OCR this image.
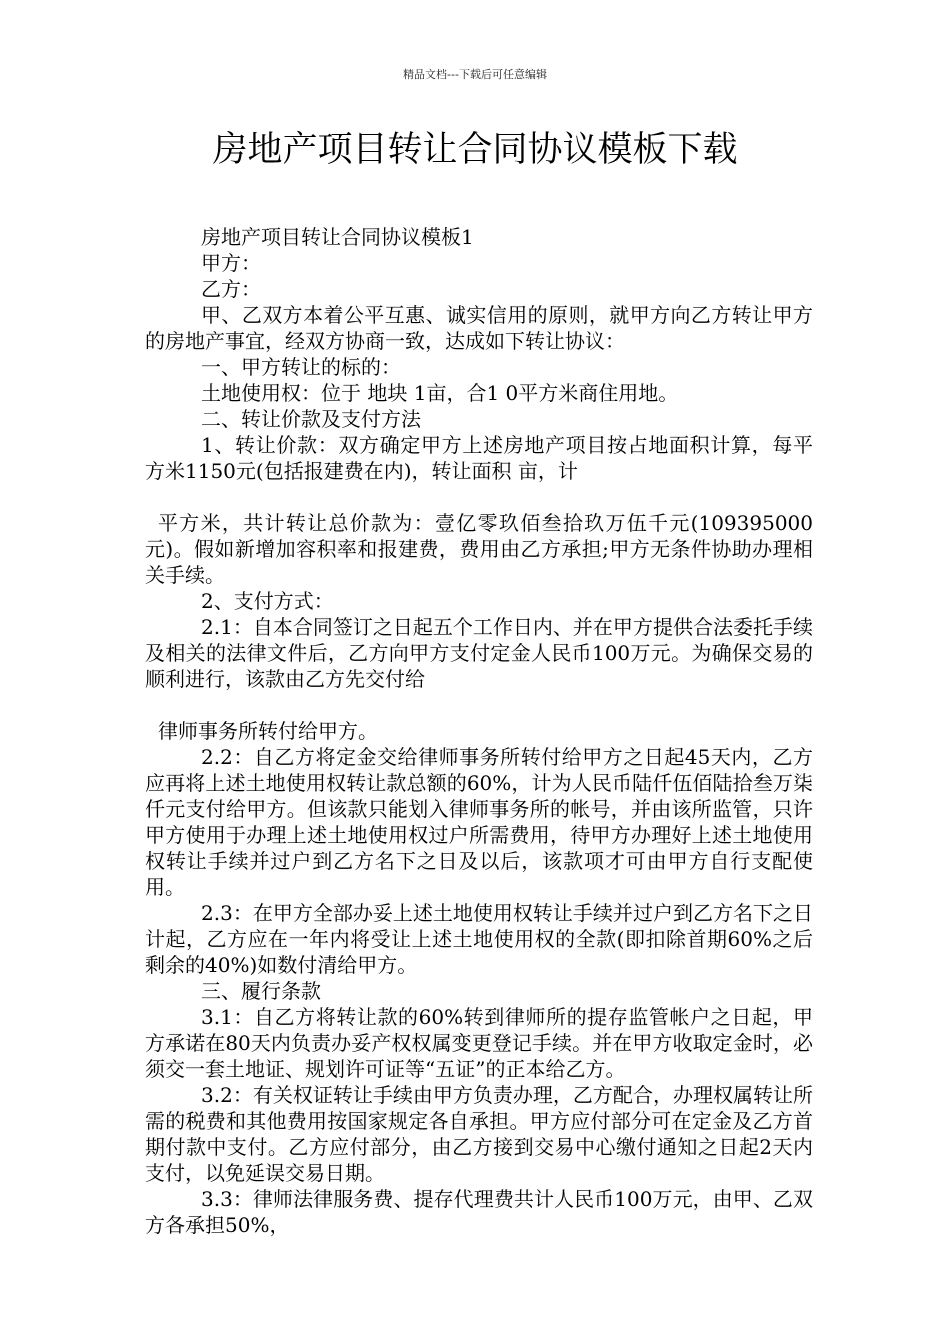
精品文档---下载后可任意编辑
房地产项目转让合同协议模板下载

房地产项目转让合同协议模板1

甲方：

乙方：

甲、乙双方本着公平互惠、诚实信用的原则，就甲方向乙方转让甲方的房地产事宜，经双方协商一致，达成如下转让协议：

一、甲方转让的标的：

土地使用权：位于 地块 1亩，合1 0平方米商住用地。

二、转让价款及支付方法

1、转让价款：双方确定甲方上述房地产项目按占地面积计算，每平方米1150元(包括报建费在内)，转让面积 亩，计

平方米，共计转让总价款为：壹亿零玖佰叁拾玖万伍千元(109395000元)。假如新增加容积率和报建费，费用由乙方承担;甲方无条件协助办理相关手续。

2、支付方式：

2.1：自本合同签订之日起五个工作日内、并在甲方提供合法委托手续及相关的法律文件后，乙方向甲方支付定金人民币100万元。为确保交易的顺利进行，该款由乙方先交付给

律师事务所转付给甲方。

2.2：自乙方将定金交给律师事务所转付给甲方之日起45天内，乙方应再将上述土地使用权转让款总额的60%，计为人民币陆仟伍佰陆拾叁万柒仟元支付给甲方。但该款只能划入律师事务所的帐号，并由该所监管，只许甲方使用于办理上述土地使用权过户所需费用，待甲方办理好上述土地使用权转让手续并过户到乙方名下之日及以后，该款项才可由甲方自行支配使用。

2.3：在甲方全部办妥上述土地使用权转让手续并过户到乙方名下之日计起，乙方应在一年内将受让上述土地使用权的全款(即扣除首期60%之后剩余的40%)如数付清给甲方。

三、履行条款

3.1：自乙方将转让款的60%转到律师所的提存监管帐户之日起，甲方承诺在80天内负责办妥产权权属变更登记手续。并在甲方收取定金时，必须交一套土地证、规划许可证等“五证”的正本给乙方。

3.2：有关权证转让手续由甲方负责办理，乙方配合，办理权属转让所需的税费和其他费用按国家规定各自承担。甲方应付部分可在定金及乙方首期付款中支付。乙方应付部分，由乙方接到交易中心缴付通知之日起2天内支付，以免延误交易日期。

3.3：律师法律服务费、提存代理费共计人民币100万元，由甲、乙双方各承担50%，
